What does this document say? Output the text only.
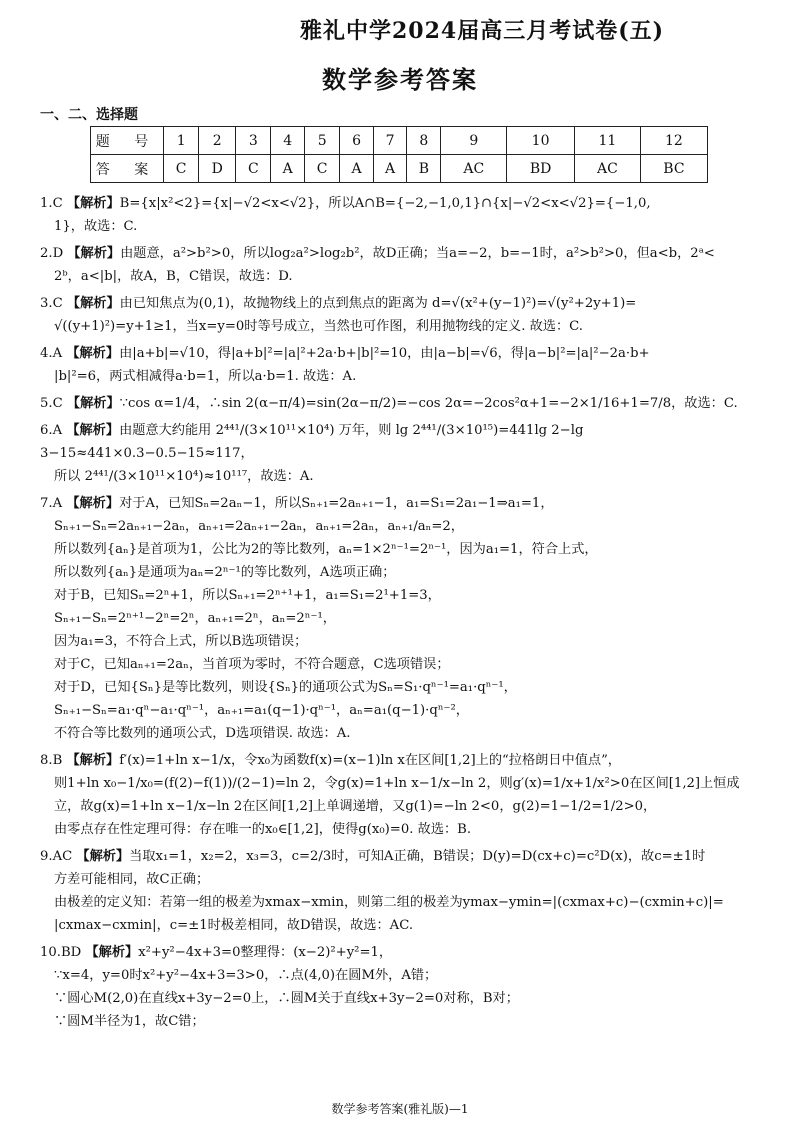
雅礼中学2024届高三月考试卷(五)
数学参考答案
一、二、选择题
题 号	1	2	3	4	5	6	7	8	9	10	11	12
答 案	C	D	C	A	C	A	A	B	AC	BD	AC	BC

1.C 【解析】B={x|x²<2}={x|−√2<x<√2}，所以A∩B={−2,−1,0,1}∩{x|−√2<x<√2}={−1,0,

1}，故选：C.

2.D 【解析】由题意，a²>b²>0，所以log₂a²>log₂b²，故D正确；当a=−2，b=−1时，a²>b²>0，但a<b，2ᵃ<

2ᵇ，a<|b|，故A，B，C错误，故选：D.

3.C 【解析】由已知焦点为(0,1)，故抛物线上的点到焦点的距离为 d=√(x²+(y−1)²)=√(y²+2y+1)=

√((y+1)²)=y+1≥1，当x=y=0时等号成立，当然也可作图，利用抛物线的定义. 故选：C.

4.A 【解析】由|a+b|=√10，得|a+b|²=|a|²+2a·b+|b|²=10，由|a−b|=√6，得|a−b|²=|a|²−2a·b+

|b|²=6，两式相减得a·b=1，所以a·b=1. 故选：A.

5.C 【解析】∵cos α=1/4，∴sin 2(α−π/4)=sin(2α−π/2)=−cos 2α=−2cos²α+1=−2×1/16+1=7/8，故选：C.

6.A 【解析】由题意大约能用 2⁴⁴¹/(3×10¹¹×10⁴) 万年，则 lg 2⁴⁴¹/(3×10¹⁵)=441lg 2−lg 3−15≈441×0.3−0.5−15≈117，

所以 2⁴⁴¹/(3×10¹¹×10⁴)≈10¹¹⁷，故选：A.

7.A 【解析】对于A，已知Sₙ=2aₙ−1，所以Sₙ₊₁=2aₙ₊₁−1，a₁=S₁=2a₁−1⇒a₁=1，

Sₙ₊₁−Sₙ=2aₙ₊₁−2aₙ，aₙ₊₁=2aₙ₊₁−2aₙ，aₙ₊₁=2aₙ，aₙ₊₁/aₙ=2，

所以数列{aₙ}是首项为1，公比为2的等比数列，aₙ=1×2ⁿ⁻¹=2ⁿ⁻¹，因为a₁=1，符合上式，

所以数列{aₙ}是通项为aₙ=2ⁿ⁻¹的等比数列，A选项正确；

对于B，已知Sₙ=2ⁿ+1，所以Sₙ₊₁=2ⁿ⁺¹+1，a₁=S₁=2¹+1=3，

Sₙ₊₁−Sₙ=2ⁿ⁺¹−2ⁿ=2ⁿ，aₙ₊₁=2ⁿ，aₙ=2ⁿ⁻¹，

因为a₁=3，不符合上式，所以B选项错误；

对于C，已知aₙ₊₁=2aₙ，当首项为零时，不符合题意，C选项错误；

对于D，已知{Sₙ}是等比数列，则设{Sₙ}的通项公式为Sₙ=S₁·qⁿ⁻¹=a₁·qⁿ⁻¹，

Sₙ₊₁−Sₙ=a₁·qⁿ−a₁·qⁿ⁻¹，aₙ₊₁=a₁(q−1)·qⁿ⁻¹，aₙ=a₁(q−1)·qⁿ⁻²，

不符合等比数列的通项公式，D选项错误. 故选：A.

8.B 【解析】f′(x)=1+ln x−1/x，令x₀为函数f(x)=(x−1)ln x在区间[1,2]上的“拉格朗日中值点”，

则1+ln x₀−1/x₀=(f(2)−f(1))/(2−1)=ln 2，令g(x)=1+ln x−1/x−ln 2，则g′(x)=1/x+1/x²>0在区间[1,2]上恒成

立，故g(x)=1+ln x−1/x−ln 2在区间[1,2]上单调递增，又g(1)=−ln 2<0，g(2)=1−1/2=1/2>0，

由零点存在性定理可得：存在唯一的x₀∈[1,2]，使得g(x₀)=0. 故选：B.

9.AC 【解析】当取x₁=1，x₂=2，x₃=3，c=2/3时，可知A正确，B错误；D(y)=D(cx+c)=c²D(x)，故c=±1时

方差可能相同，故C正确；

由极差的定义知：若第一组的极差为xmax−xmin，则第二组的极差为ymax−ymin=|(cxmax+c)−(cxmin+c)|=

|cxmax−cxmin|，c=±1时极差相同，故D错误，故选：AC.

10.BD 【解析】x²+y²−4x+3=0整理得：(x−2)²+y²=1，

∵x=4，y=0时x²+y²−4x+3=3>0，∴点(4,0)在圆M外，A错；

∵圆心M(2,0)在直线x+3y−2=0上，∴圆M关于直线x+3y−2=0对称，B对；

∵圆M半径为1，故C错；

数学参考答案(雅礼版)—1
